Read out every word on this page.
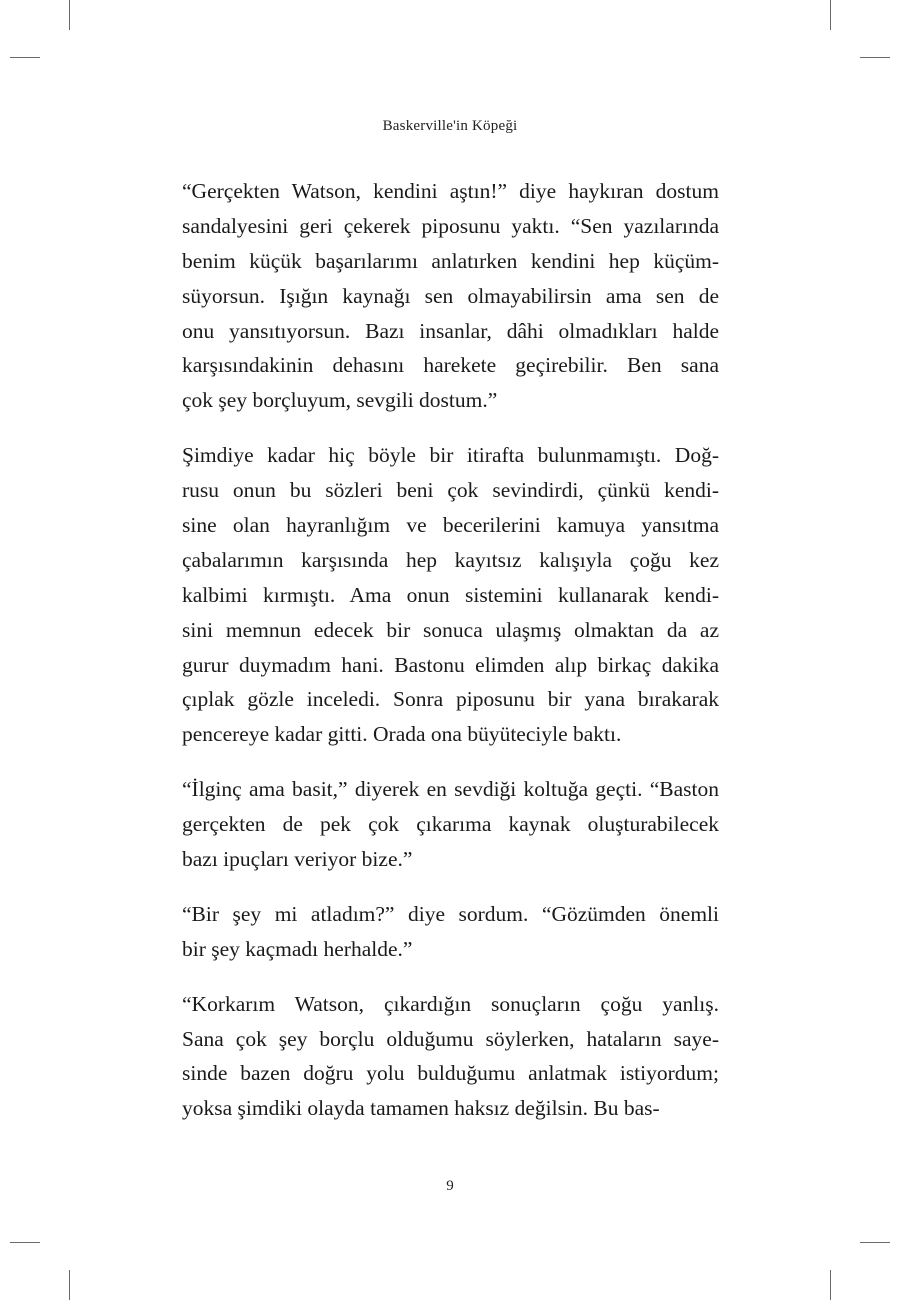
Baskerville'in Köpeği

“Gerçekten Watson, kendini aştın!” diye haykıran dostum
sandalyesini geri çekerek piposunu yaktı. “Sen yazılarında
benim küçük başarılarımı anlatırken kendini hep küçüm-
süyorsun. Işığın kaynağı sen olmayabilirsin ama sen de
onu yansıtıyorsun. Bazı insanlar, dâhi olmadıkları halde
karşısındakinin dehasını harekete geçirebilir. Ben sana
çok şey borçluyum, sevgili dostum.”

Şimdiye kadar hiç böyle bir itirafta bulunmamıştı. Doğ-
rusu onun bu sözleri beni çok sevindirdi, çünkü kendi-
sine olan hayranlığım ve becerilerini kamuya yansıtma
çabalarımın karşısında hep kayıtsız kalışıyla çoğu kez
kalbimi kırmıştı. Ama onun sistemini kullanarak kendi-
sini memnun edecek bir sonuca ulaşmış olmaktan da az
gurur duymadım hani. Bastonu elimden alıp birkaç dakika
çıplak gözle inceledi. Sonra piposunu bir yana bırakarak
pencereye kadar gitti. Orada ona büyüteciyle baktı.

“İlginç ama basit,” diyerek en sevdiği koltuğa geçti. “Baston
gerçekten de pek çok çıkarıma kaynak oluşturabilecek
bazı ipuçları veriyor bize.”

“Bir şey mi atladım?” diye sordum. “Gözümden önemli
bir şey kaçmadı herhalde.”

“Korkarım Watson, çıkardığın sonuçların çoğu yanlış.
Sana çok şey borçlu olduğumu söylerken, hataların saye-
sinde bazen doğru yolu bulduğumu anlatmak istiyordum;
yoksa şimdiki olayda tamamen haksız değilsin. Bu bas-

9
